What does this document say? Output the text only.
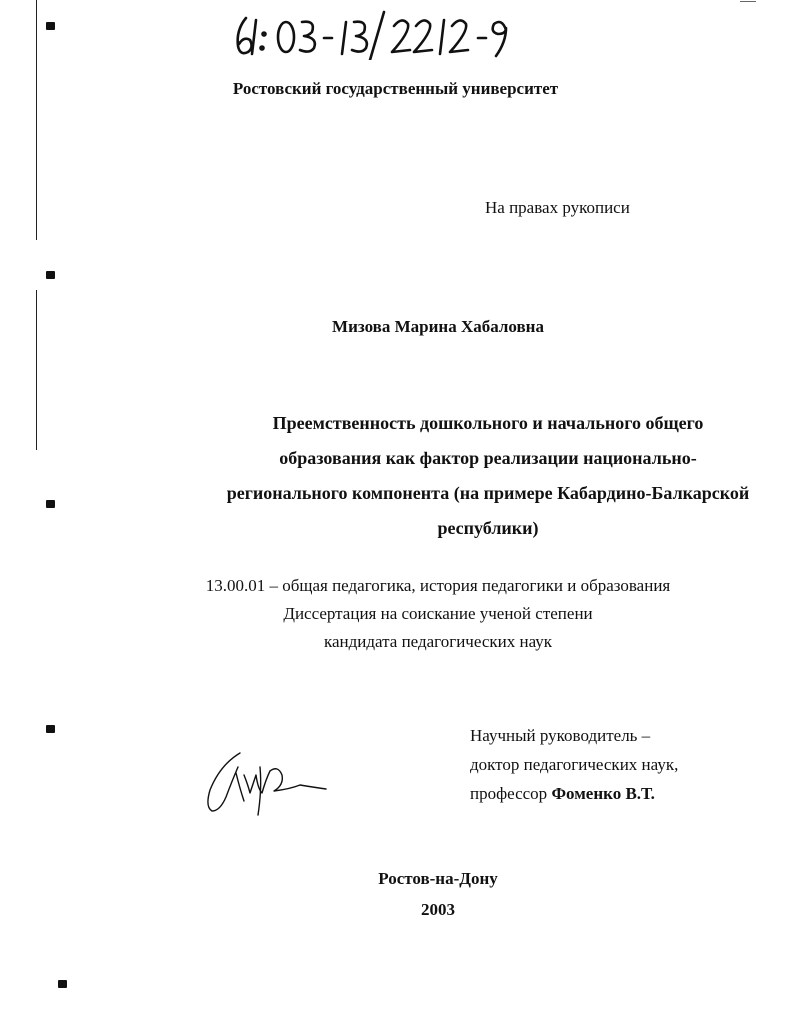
Ростовский государственный университет
На правах рукописи
Мизова Марина Хабаловна
Преемственность дошкольного и начального общего
образования как фактор реализации национально-
регионального компонента (на примере Кабардино-Балкарской
республики)
13.00.01 – общая педагогика, история педагогики и образования
Диссертация на соискание ученой степени
кандидата педагогических наук
Научный руководитель –
доктор педагогических наук,
профессор Фоменко В.Т.
Ростов-на-Дону
2003
